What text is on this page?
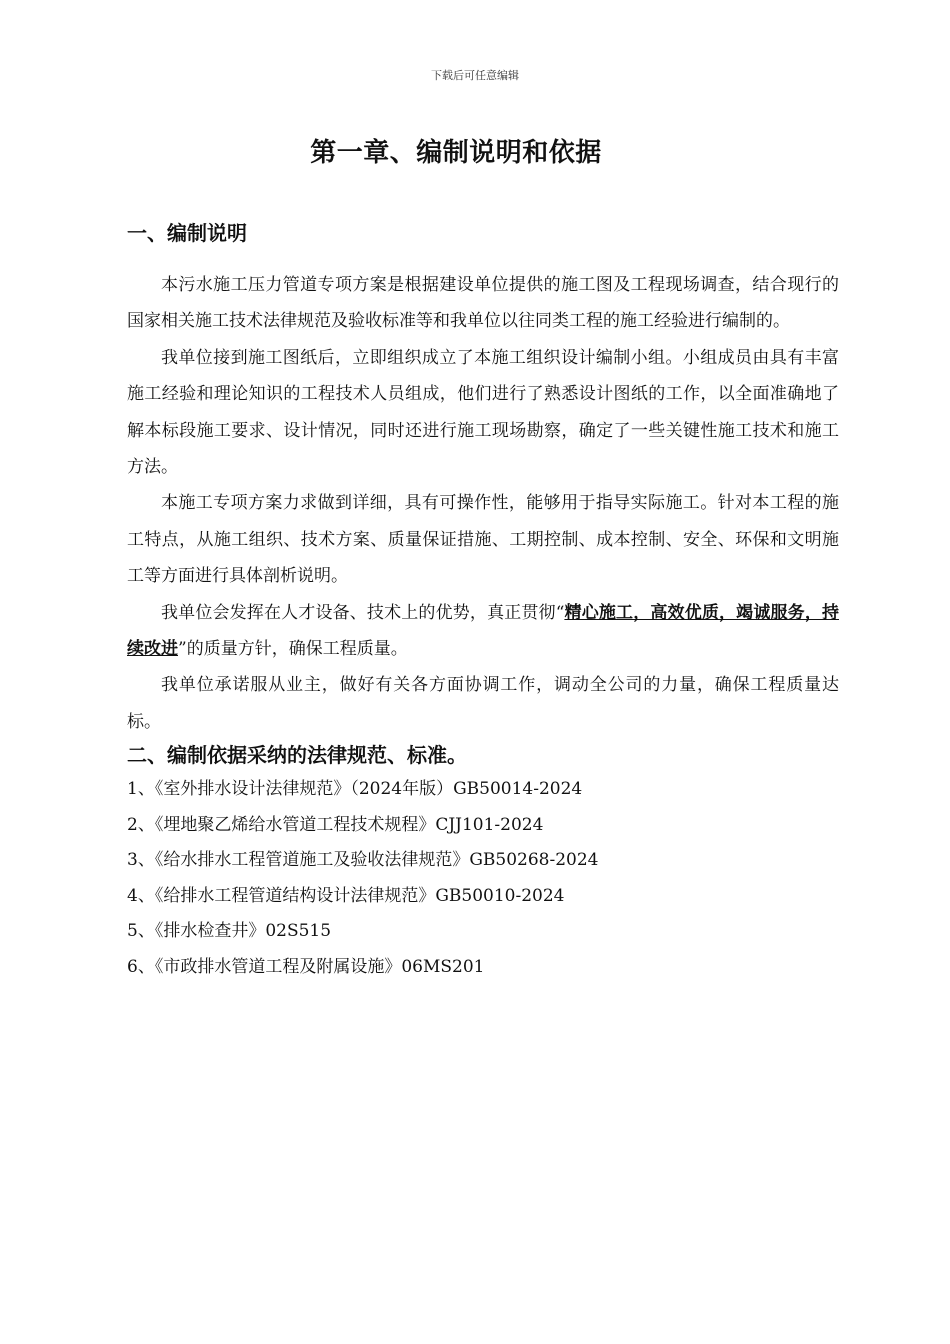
下载后可任意编辑
第一章、编制说明和依据
一、编制说明

本污水施工压力管道专项方案是根据建设单位提供的施工图及工程现场调查，结合现行的国家相关施工技术法律规范及验收标准等和我单位以往同类工程的施工经验进行编制的。

我单位接到施工图纸后，立即组织成立了本施工组织设计编制小组。小组成员由具有丰富施工经验和理论知识的工程技术人员组成，他们进行了熟悉设计图纸的工作，以全面准确地了解本标段施工要求、设计情况，同时还进行施工现场勘察，确定了一些关键性施工技术和施工方法。

本施工专项方案力求做到详细，具有可操作性，能够用于指导实际施工。针对本工程的施工特点，从施工组织、技术方案、质量保证措施、工期控制、成本控制、安全、环保和文明施工等方面进行具体剖析说明。

我单位会发挥在人才设备、技术上的优势，真正贯彻“精心施工，高效优质，竭诚服务，持续改进”的质量方针，确保工程质量。

我单位承诺服从业主，做好有关各方面协调工作，调动全公司的力量，确保工程质量达标。

二、编制依据采纳的法律规范、标准。
1、《室外排水设计法律规范》（2024年版）GB50014-2024
2、《埋地聚乙烯给水管道工程技术规程》CJJ101-2024
3、《给水排水工程管道施工及验收法律规范》GB50268-2024
4、《给排水工程管道结构设计法律规范》GB50010-2024
5、《排水检查井》02S515
6、《市政排水管道工程及附属设施》06MS201
